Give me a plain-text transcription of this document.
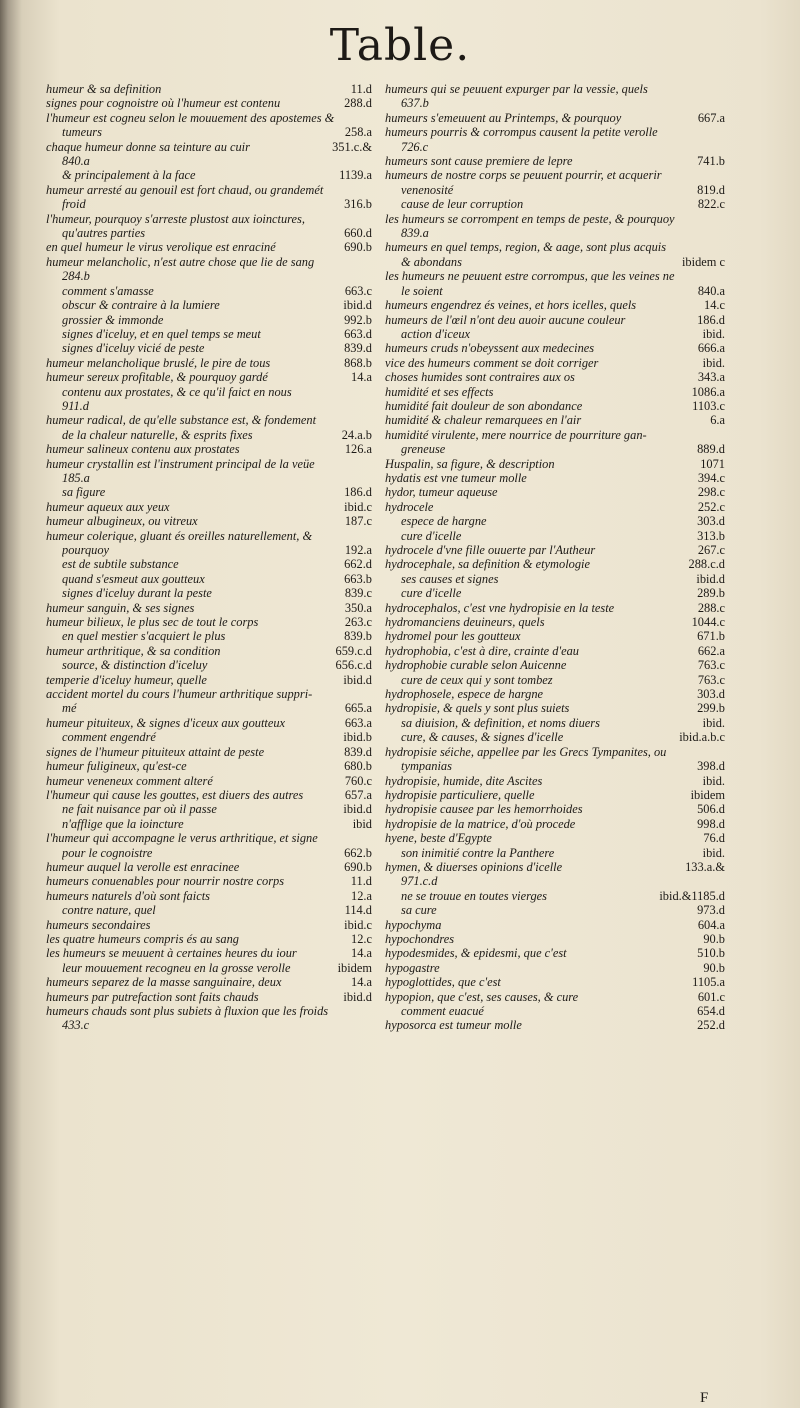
Table.
humeur & sa definition	11.d
signes pour cognoistre où l'humeur est contenu	288.d
l'humeur est cogneu selon le mouuement des apostemes &
tumeurs	258.a
chaque humeur donne sa teinture au cuir	351.c.&
840.a
& principalement à la face	1139.a
humeur arresté au genouil est fort chaud, ou grandemét
froid	316.b
l'humeur, pourquoy s'arreste plustost aux ioinctures,
qu'autres parties	660.d
en quel humeur le virus verolique est enraciné	690.b
humeur melancholic, n'est autre chose que lie de sang
284.b
comment s'amasse	663.c
obscur & contraire à la lumiere	ibid.d
grossier & immonde	992.b
signes d'iceluy, et en quel temps se meut	663.d
signes d'iceluy vicié de peste	839.d
humeur melancholique bruslé, le pire de tous	868.b
humeur sereux profitable, & pourquoy gardé	14.a
contenu aux prostates, & ce qu'il faict en nous
911.d
humeur radical, de qu'elle substance est, & fondement
de la chaleur naturelle, & esprits fixes	24.a.b
humeur salineux contenu aux prostates	126.a
humeur crystallin est l'instrument principal de la veüe
185.a
sa figure	186.d
humeur aqueux aux yeux	ibid.c
humeur albugineux, ou vitreux	187.c
humeur colerique, gluant és oreilles naturellement, &
pourquoy	192.a
est de subtile substance	662.d
quand s'esmeut aux goutteux	663.b
signes d'iceluy durant la peste	839.c
humeur sanguin, & ses signes	350.a
humeur bilieux, le plus sec de tout le corps	263.c
en quel mestier s'acquiert le plus	839.b
humeur arthritique, & sa condition	659.c.d
source, & distinction d'iceluy	656.c.d
temperie d'iceluy humeur, quelle	ibid.d
accident mortel du cours l'humeur arthritique suppri-
mé	665.a
humeur pituiteux, & signes d'iceux aux goutteux	663.a
comment engendré	ibid.b
signes de l'humeur pituiteux attaint de peste	839.d
humeur fuligineux, qu'est-ce	680.b
humeur veneneux comment alteré	760.c
l'humeur qui cause les gouttes, est diuers des autres	657.a
ne fait nuisance par où il passe	ibid.d
n'afflige que la ioincture	ibid
l'humeur qui accompagne le verus arthritique, et signe
pour le cognoistre	662.b
humeur auquel la verolle est enracinee	690.b
humeurs conuenables pour nourrir nostre corps	11.d
humeurs naturels d'où sont faicts	12.a
contre nature, quel	114.d
humeurs secondaires	ibid.c
les quatre humeurs compris és au sang	12.c
les humeurs se meuuent à certaines heures du iour	14.a
leur mouuement recogneu en la grosse verolle	ibidem
humeurs separez de la masse sanguinaire, deux	14.a
humeurs par putrefaction sont faits chauds	ibid.d
humeurs chauds sont plus subiets à fluxion que les froids
433.c
humeurs qui se peuuent expurger par la vessie, quels
637.b
humeurs s'emeuuent au Printemps, & pourquoy	667.a
humeurs pourris & corrompus causent la petite verolle
726.c
humeurs sont cause premiere de lepre	741.b
humeurs de nostre corps se peuuent pourrir, et acquerir
venenosité	819.d
cause de leur corruption	822.c
les humeurs se corrompent en temps de peste, & pourquoy
839.a
humeurs en quel temps, region, & aage, sont plus acquis
& abondans	ibidem c
les humeurs ne peuuent estre corrompus, que les veines ne
le soient	840.a
humeurs engendrez és veines, et hors icelles, quels	14.c
humeurs de l'œil n'ont deu auoir aucune couleur	186.d
action d'iceux	ibid.
humeurs cruds n'obeyssent aux medecines	666.a
vice des humeurs comment se doit corriger	ibid.
choses humides sont contraires aux os	343.a
humidité et ses effects	1086.a
humidité fait douleur de son abondance	1103.c
humidité & chaleur remarquees en l'air	6.a
humidité virulente, mere nourrice de pourriture gan-
greneuse	889.d
Huspalin, sa figure, & description	1071
hydatis est vne tumeur molle	394.c
hydor, tumeur aqueuse	298.c
hydrocele	252.c
espece de hargne	303.d
cure d'icelle	313.b
hydrocele d'vne fille ouuerte par l'Autheur	267.c
hydrocephale, sa definition & etymologie	288.c.d
ses causes et signes	ibid.d
cure d'icelle	289.b
hydrocephalos, c'est vne hydropisie en la teste	288.c
hydromanciens deuineurs, quels	1044.c
hydromel pour les goutteux	671.b
hydrophobia, c'est à dire, crainte d'eau	662.a
hydrophobie curable selon Auicenne	763.c
cure de ceux qui y sont tombez	763.c
hydrophosele, espece de hargne	303.d
hydropisie, & quels y sont plus suiets	299.b
sa diuision, & definition, et noms diuers	ibid.
cure, & causes, & signes d'icelle	ibid.a.b.c
hydropisie séiche, appellee par les Grecs Tympanites, ou
tympanias	398.d
hydropisie, humide, dite Ascites	ibid.
hydropisie particuliere, quelle	ibidem
hydropisie causee par les hemorrhoides	506.d
hydropisie de la matrice, d'où procede	998.d
hyene, beste d'Egypte	76.d
son inimitié contre la Panthere	ibid.
hymen, & diuerses opinions d'icelle	133.a.&
971.c.d
ne se trouue en toutes vierges	ibid.&1185.d
sa cure	973.d
hypochyma	604.a
hypochondres	90.b
hypodesmides, & epidesmi, que c'est	510.b
hypogastre	90.b
hypoglottides, que c'est	1105.a
hypopion, que c'est, ses causes, & cure	601.c
comment euacué	654.d
hyposorca est tumeur molle	252.d
F
